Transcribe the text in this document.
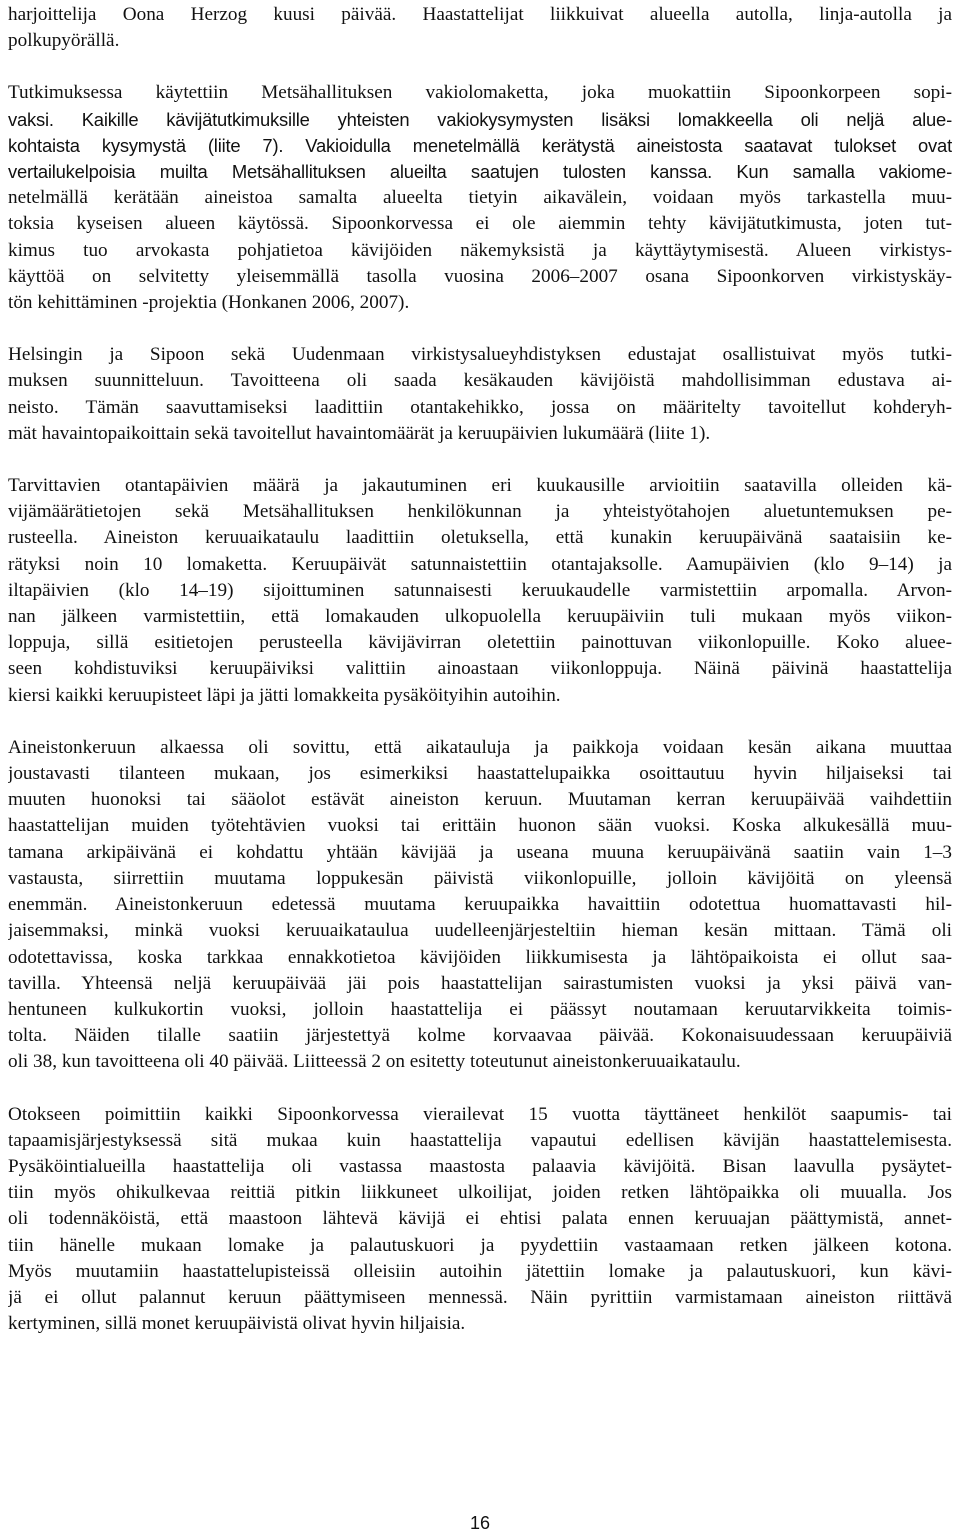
harjoittelija Oona Herzog kuusi päivää. Haastattelijat liikkuivat alueella autolla, linja-autolla ja
polkupyörällä.

Tutkimuksessa käytettiin Metsähallituksen vakiolomaketta, joka muokattiin Sipoonkorpeen sopi-
vaksi. Kaikille kävijätutkimuksille yhteisten vakiokysymysten lisäksi lomakkeella oli neljä alue-
kohtaista kysymystä (liite 7). Vakioidulla menetelmällä kerätystä aineistosta saatavat tulokset ovat
vertailukelpoisia muilta Metsähallituksen alueilta saatujen tulosten kanssa. Kun samalla vakiome-
netelmällä kerätään aineistoa samalta alueelta tietyin aikavälein, voidaan myös tarkastella muu-
toksia kyseisen alueen käytössä. Sipoonkorvessa ei ole aiemmin tehty kävijätutkimusta, joten tut-
kimus tuo arvokasta pohjatietoa kävijöiden näkemyksistä ja käyttäytymisestä. Alueen virkistys-
käyttöä on selvitetty yleisemmällä tasolla vuosina 2006–2007 osana Sipoonkorven virkistyskäy-
tön kehittäminen -projektia (Honkanen 2006, 2007).

Helsingin ja Sipoon sekä Uudenmaan virkistysalueyhdistyksen edustajat osallistuivat myös tutki-
muksen suunnitteluun. Tavoitteena oli saada kesäkauden kävijöistä mahdollisimman edustava ai-
neisto. Tämän saavuttamiseksi laadittiin otantakehikko, jossa on määritelty tavoitellut kohderyh-
mät havaintopaikoittain sekä tavoitellut havaintomäärät ja keruupäivien lukumäärä (liite 1).

Tarvittavien otantapäivien määrä ja jakautuminen eri kuukausille arvioitiin saatavilla olleiden kä-
vijämäärätietojen sekä Metsähallituksen henkilökunnan ja yhteistyötahojen aluetuntemuksen pe-
rusteella. Aineiston keruuaikataulu laadittiin oletuksella, että kunakin keruupäivänä saataisiin ke-
rätyksi noin 10 lomaketta. Keruupäivät satunnaistettiin otantajaksolle. Aamupäivien (klo 9–14) ja
iltapäivien (klo 14–19) sijoittuminen satunnaisesti keruukaudelle varmistettiin arpomalla. Arvon-
nan jälkeen varmistettiin, että lomakauden ulkopuolella keruupäiviin tuli mukaan myös viikon-
loppuja, sillä esitietojen perusteella kävijävirran oletettiin painottuvan viikonlopuille. Koko aluee-
seen kohdistuviksi keruupäiviksi valittiin ainoastaan viikonloppuja. Näinä päivinä haastattelija
kiersi kaikki keruupisteet läpi ja jätti lomakkeita pysäköityihin autoihin.

Aineistonkeruun alkaessa oli sovittu, että aikatauluja ja paikkoja voidaan kesän aikana muuttaa
joustavasti tilanteen mukaan, jos esimerkiksi haastattelupaikka osoittautuu hyvin hiljaiseksi tai
muuten huonoksi tai sääolot estävät aineiston keruun. Muutaman kerran keruupäivää vaihdettiin
haastattelijan muiden työtehtävien vuoksi tai erittäin huonon sään vuoksi. Koska alkukesällä muu-
tamana arkipäivänä ei kohdattu yhtään kävijää ja useana muuna keruupäivänä saatiin vain 1–3
vastausta, siirrettiin muutama loppukesän päivistä viikonlopuille, jolloin kävijöitä on yleensä
enemmän. Aineistonkeruun edetessä muutama keruupaikka havaittiin odotettua huomattavasti hil-
jaisemmaksi, minkä vuoksi keruuaikataulua uudelleenjärjesteltiin hieman kesän mittaan. Tämä oli
odotettavissa, koska tarkkaa ennakkotietoa kävijöiden liikkumisesta ja lähtöpaikoista ei ollut saa-
tavilla. Yhteensä neljä keruupäivää jäi pois haastattelijan sairastumisten vuoksi ja yksi päivä van-
hentuneen kulkukortin vuoksi, jolloin haastattelija ei päässyt noutamaan keruutarvikkeita toimis-
tolta. Näiden tilalle saatiin järjestettyä kolme korvaavaa päivää. Kokonaisuudessaan keruupäiviä
oli 38, kun tavoitteena oli 40 päivää. Liitteessä 2 on esitetty toteutunut aineistonkeruuaikataulu.

Otokseen poimittiin kaikki Sipoonkorvessa vierailevat 15 vuotta täyttäneet henkilöt saapumis- tai
tapaamisjärjestyksessä sitä mukaa kuin haastattelija vapautui edellisen kävijän haastattelemisesta.
Pysäköintialueilla haastattelija oli vastassa maastosta palaavia kävijöitä. Bisan laavulla pysäytet-
tiin myös ohikulkevaa reittiä pitkin liikkuneet ulkoilijat, joiden retken lähtöpaikka oli muualla. Jos
oli todennäköistä, että maastoon lähtevä kävijä ei ehtisi palata ennen keruuajan päättymistä, annet-
tiin hänelle mukaan lomake ja palautuskuori ja pyydettiin vastaamaan retken jälkeen kotona.
Myös muutamiin haastattelupisteissä olleisiin autoihin jätettiin lomake ja palautuskuori, kun kävi-
jä ei ollut palannut keruun päättymiseen mennessä. Näin pyrittiin varmistamaan aineiston riittävä
kertyminen, sillä monet keruupäivistä olivat hyvin hiljaisia.

16
